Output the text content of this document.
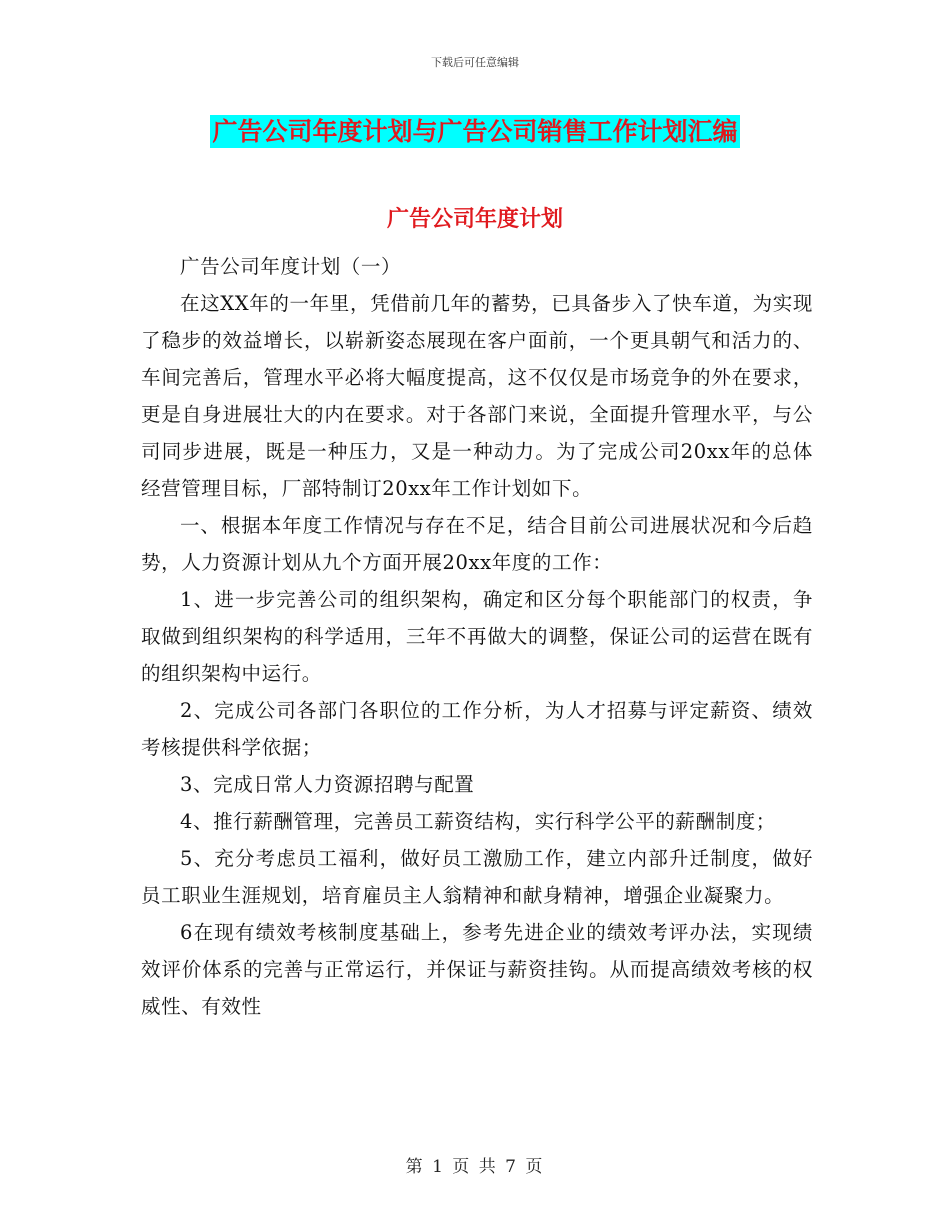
下载后可任意编辑
广告公司年度计划与广告公司销售工作计划汇编
广告公司年度计划

广告公司年度计划（一）

在这XX年的一年里，凭借前几年的蓄势，已具备步入了快车道，为实现了稳步的效益增长，以崭新姿态展现在客户面前，一个更具朝气和活力的、车间完善后，管理水平必将大幅度提高，这不仅仅是市场竞争的外在要求，更是自身进展壮大的内在要求。对于各部门来说，全面提升管理水平，与公司同步进展，既是一种压力，又是一种动力。为了完成公司20xx年的总体经营管理目标，厂部特制订20xx年工作计划如下。

一、根据本年度工作情况与存在不足，结合目前公司进展状况和今后趋势，人力资源计划从九个方面开展20xx年度的工作：

1、进一步完善公司的组织架构，确定和区分每个职能部门的权责，争取做到组织架构的科学适用，三年不再做大的调整，保证公司的运营在既有的组织架构中运行。

2、完成公司各部门各职位的工作分析，为人才招募与评定薪资、绩效考核提供科学依据；

3、完成日常人力资源招聘与配置

4、推行薪酬管理，完善员工薪资结构，实行科学公平的薪酬制度；

5、充分考虑员工福利，做好员工激励工作，建立内部升迁制度，做好员工职业生涯规划，培育雇员主人翁精神和献身精神，增强企业凝聚力。

6在现有绩效考核制度基础上，参考先进企业的绩效考评办法，实现绩效评价体系的完善与正常运行，并保证与薪资挂钩。从而提高绩效考核的权威性、有效性

第 1 页 共 7 页
